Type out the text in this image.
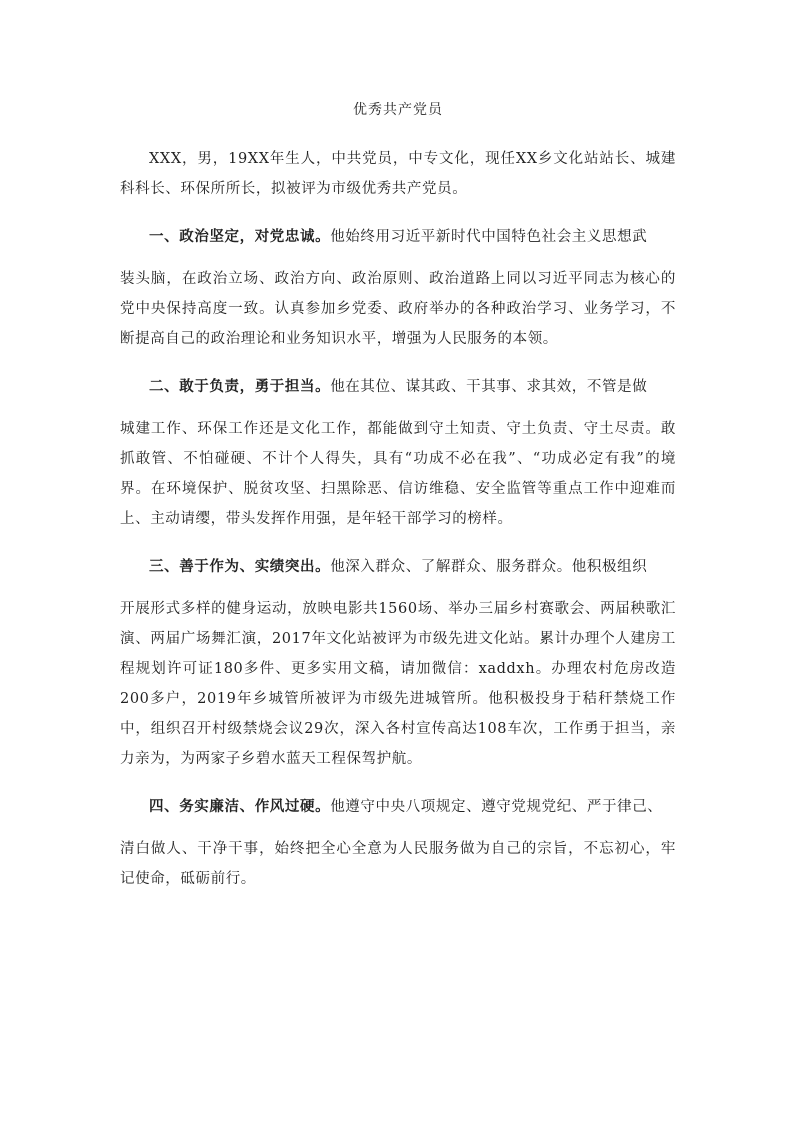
优秀共产党员

XXX，男，19XX年生人，中共党员，中专文化，现任XX乡文化站站长、城建科科长、环保所所长，拟被评为市级优秀共产党员。

一、政治坚定，对党忠诚。他始终用习近平新时代中国特色社会主义思想武
装头脑，在政治立场、政治方向、政治原则、政治道路上同以习近平同志为核心的党中央保持高度一致。认真参加乡党委、政府举办的各种政治学习、业务学习，不断提高自己的政治理论和业务知识水平，增强为人民服务的本领。

二、敢于负责，勇于担当。他在其位、谋其政、干其事、求其效，不管是做
城建工作、环保工作还是文化工作，都能做到守土知责、守土负责、守土尽责。敢抓敢管、不怕碰硬、不计个人得失，具有“功成不必在我”、“功成必定有我”的境界。在环境保护、脱贫攻坚、扫黑除恶、信访维稳、安全监管等重点工作中迎难而上、主动请缨，带头发挥作用强，是年轻干部学习的榜样。

三、善于作为、实绩突出。他深入群众、了解群众、服务群众。他积极组织
开展形式多样的健身运动，放映电影共1560场、举办三届乡村赛歌会、两届秧歌汇演、两届广场舞汇演，2017年文化站被评为市级先进文化站。累计办理个人建房工程规划许可证180多件、更多实用文稿，请加微信：xaddxh。办理农村危房改造200多户，2019年乡城管所被评为市级先进城管所。他积极投身于秸秆禁烧工作中，组织召开村级禁烧会议29次，深入各村宣传高达108车次，工作勇于担当，亲力亲为，为两家子乡碧水蓝天工程保驾护航。

四、务实廉洁、作风过硬。他遵守中央八项规定、遵守党规党纪、严于律己、
清白做人、干净干事，始终把全心全意为人民服务做为自己的宗旨，不忘初心，牢记使命，砥砺前行。
